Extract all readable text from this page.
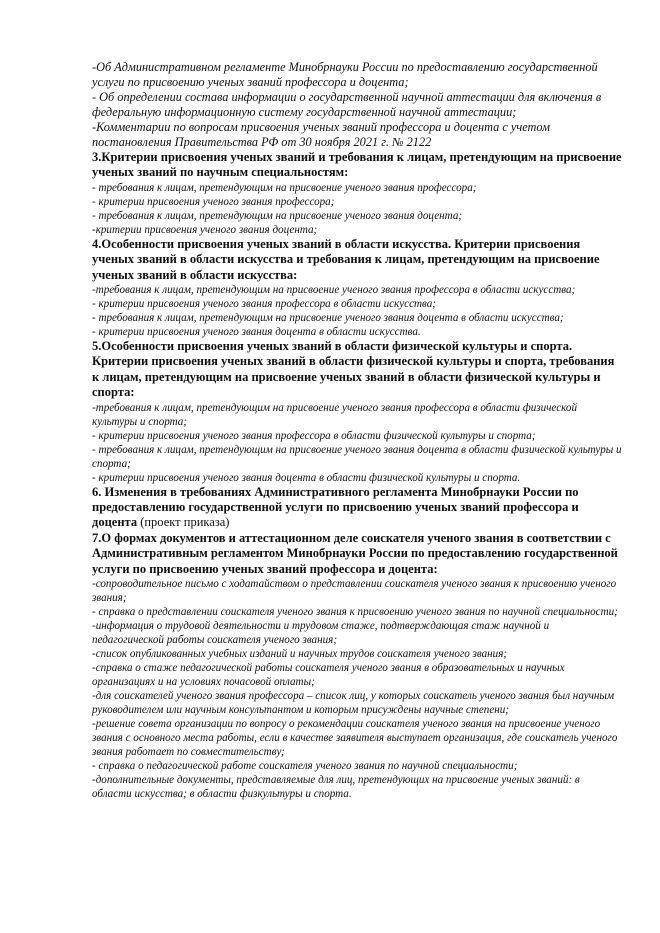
-Об Административном регламенте Минобрнауки России по предоставлению государственной услуги по присвоению ученых званий профессора и доцента;

- Об определении состава информации о государственной научной аттестации для включения в федеральную информационную систему государственной научной аттестации;

-Комментарии по вопросам присвоения ученых званий профессора и доцента с учетом постановления Правительства РФ от 30 ноября 2021 г. № 2122

3.Критерии присвоения ученых званий и требования к лицам, претендующим на присвоение ученых званий по научным специальностям:

- требования к лицам, претендующим на присвоение ученого звания профессора;

- критерии присвоения ученого звания профессора;

- требования к лицам, претендующим на присвоение ученого звания доцента;

-критерии присвоения ученого звания доцента;

4.Особенности присвоения ученых званий в области искусства. Критерии присвоения ученых званий в области искусства и требования к лицам, претендующим на присвоение ученых званий в области искусства:

-требования к лицам, претендующим на присвоение ученого звания профессора в области искусства;

- критерии присвоения ученого звания профессора в области искусства;

- требования к лицам, претендующим на присвоение ученого звания доцента в области искусства;

- критерии присвоения ученого звания доцента в области искусства.

5.Особенности присвоения ученых званий в области физической культуры и спорта. Критерии присвоения ученых званий в области физической культуры и спорта, требования к лицам, претендующим на присвоение ученых званий в области физической культуры и спорта:

-требования к лицам, претендующим на присвоение ученого звания профессора в области физической культуры и спорта;

- критерии присвоения ученого звания профессора в области физической культуры и спорта;

- требования к лицам, претендующим на присвоение ученого звания доцента в области физической культуры и спорта;

- критерии присвоения ученого звания доцента в области физической культуры и спорта.

6. Изменения в требованиях Административного регламента Минобрнауки России по предоставлению государственной услуги по присвоению ученых званий профессора и доцента (проект приказа)

7.О формах документов и аттестационном деле соискателя ученого звания в соответствии с Административным регламентом Минобрнауки России по предоставлению государственной услуги по присвоению ученых званий профессора и доцента:

-сопроводительное письмо с ходатайством о представлении соискателя ученого звания к присвоению ученого звания;

- справка о представлении соискателя ученого звания к присвоению ученого звания по научной специальности;

-информация о трудовой деятельности и трудовом стаже, подтверждающая стаж научной и педагогической работы соискателя ученого звания;

-список опубликованных учебных изданий и научных трудов соискателя ученого звания;

-справка о стаже педагогической работы соискателя ученого звания в образовательных и научных организациях и на условиях почасовой оплаты;

-для соискателей ученого звания профессора – список лиц, у которых соискатель ученого звания был научным руководителем или научным консультантом и которым присуждены научные степени;

-решение совета организации по вопросу о рекомендации соискателя ученого звания на присвоение ученого звания с основного места работы, если в качестве заявителя выступает организация, где соискатель ученого звания работает по совместительству;

- справка о педагогической работе соискателя ученого звания по научной специальности;

-дополнительные документы, представляемые для лиц, претендующих на присвоение ученых званий: в области искусства; в области физкультуры и спорта.
